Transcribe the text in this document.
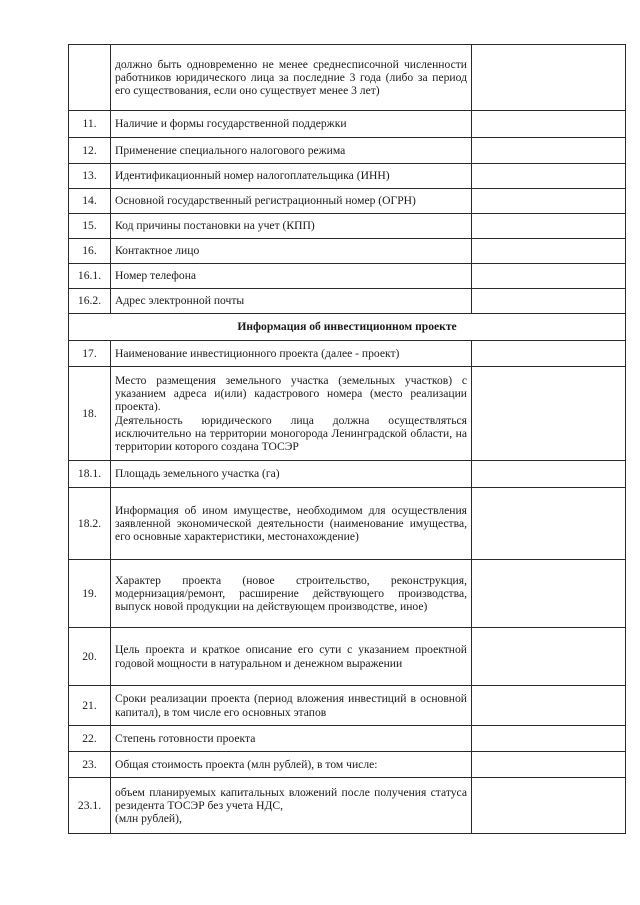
	должно быть одновременно не менее среднесписочной численности работников юридического лица за последние 3 года (либо за период его существования, если оно существует менее 3 лет)	
11.	Наличие и формы государственной поддержки	
12.	Применение специального налогового режима	
13.	Идентификационный номер налогоплательщика (ИНН)	
14.	Основной государственный регистрационный номер (ОГРН)	
15.	Код причины постановки на учет (КПП)	
16.	Контактное лицо	
16.1.	Номер телефона	
16.2.	Адрес электронной почты	
Информация об инвестиционном проекте		
17.	Наименование инвестиционного проекта (далее - проект)	
18.	Место размещения земельного участка (земельных участков) с указанием адреса и(или) кадастрового номера (место реализации проекта).
Деятельность юридического лица должна осуществляться исключительно на территории моногорода Ленинградской области, на территории которого создана ТОСЭР	

18.1.	Площадь земельного участка (га)	
18.2.	Информация об ином имуществе, необходимом для осуществления заявленной экономической деятельности (наименование имущества, его основные характеристики, местонахождение)	
19.	Характер проекта (новое строительство, реконструкция, модернизация/ремонт, расширение действующего производства, выпуск новой продукции на действующем производстве, иное)	
20.	Цель проекта и краткое описание его сути с указанием проектной годовой мощности в натуральном и денежном выражении	
21.	Сроки реализации проекта (период вложения инвестиций в основной капитал), в том числе его основных этапов	
22.	Степень готовности проекта	
23.	Общая стоимость проекта (млн рублей), в том числе:	
23.1.	объем планируемых капитальных вложений после получения статуса резидента ТОСЭР без учета НДС,
(млн рублей),	
